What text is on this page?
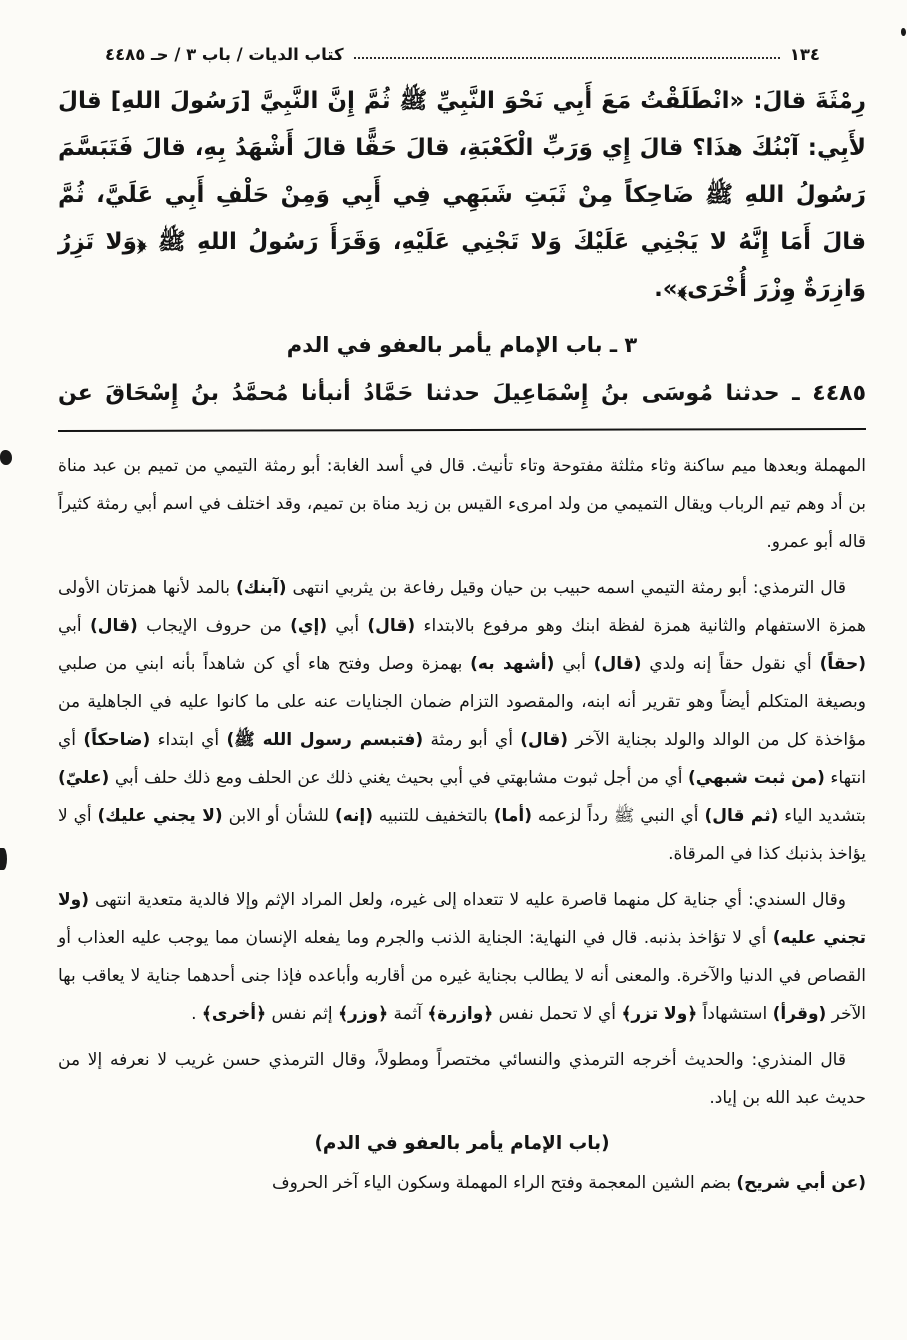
١٣٤
كتاب الديات / باب ٣ / حـ ٤٤٨٥

رِمْثَةَ قالَ: «انْطَلَقْتُ مَعَ أَبِي نَحْوَ النَّبِيِّ ﷺ ثُمَّ إِنَّ النَّبِيَّ [رَسُولَ اللهِ] قالَ لأَبِي: آبْنُكَ هذَا؟ قالَ إِي وَرَبِّ الْكَعْبَةِ، قالَ حَقًّا قالَ أَشْهَدُ بِهِ، قالَ فَتَبَسَّمَ رَسُولُ اللهِ ﷺ ضَاحِكاً مِنْ ثَبَتِ شَبَهِي فِي أَبِي وَمِنْ حَلْفِ أَبِي عَلَيَّ، ثُمَّ قالَ أَمَا إِنَّهُ لا يَجْنِي عَلَيْكَ وَلا تَجْنِي عَلَيْهِ، وَقَرَأَ رَسُولُ اللهِ ﷺ ﴿وَلا تَزِرُ وَازِرَةٌ وِزْرَ أُخْرَى﴾».

٣ ـ باب الإمام يأمر بالعفو في الدم

٤٤٨٥ ـ حدثنا مُوسَى بنُ إِسْمَاعِيلَ حدثنا حَمَّادُ أنبأنا مُحمَّدُ بنُ إِسْحَاقَ عن

المهملة وبعدها ميم ساكنة وثاء مثلثة مفتوحة وتاء تأنيث. قال في أسد الغابة: أبو رمثة التيمي من تميم بن عبد مناة بن أد وهم تيم الرباب ويقال التميمي من ولد امرىء القيس بن زيد مناة بن تميم، وقد اختلف في اسم أبي رمثة كثيراً قاله أبو عمرو.

قال الترمذي: أبو رمثة التيمي اسمه حبيب بن حيان وقيل رفاعة بن يثربي انتهى (آبنك) بالمد لأنها همزتان الأولى همزة الاستفهام والثانية همزة لفظة ابنك وهو مرفوع بالابتداء (قال) أبي (إي) من حروف الإيجاب (قال) أبي (حقاً) أي نقول حقاً إنه ولدي (قال) أبي (أشهد به) بهمزة وصل وفتح هاء أي كن شاهداً بأنه ابني من صلبي وبصيغة المتكلم أيضاً وهو تقرير أنه ابنه، والمقصود التزام ضمان الجنايات عنه على ما كانوا عليه في الجاهلية من مؤاخذة كل من الوالد والولد بجناية الآخر (قال) أي أبو رمثة (فتبسم رسول الله ﷺ) أي ابتداء (ضاحكاً) أي انتهاء (من ثبت شبهي) أي من أجل ثبوت مشابهتي في أبي بحيث يغني ذلك عن الحلف ومع ذلك حلف أبي (عليّ) بتشديد الياء (ثم قال) أي النبي ﷺ رداً لزعمه (أما) بالتخفيف للتنبيه (إنه) للشأن أو الابن (لا يجني عليك) أي لا يؤاخذ بذنبك كذا في المرقاة.

وقال السندي: أي جناية كل منهما قاصرة عليه لا تتعداه إلى غيره، ولعل المراد الإثم وإلا فالدية متعدية انتهى (ولا تجني عليه) أي لا تؤاخذ بذنبه. قال في النهاية: الجناية الذنب والجرم وما يفعله الإنسان مما يوجب عليه العذاب أو القصاص في الدنيا والآخرة. والمعنى أنه لا يطالب بجناية غيره من أقاربه وأباعده فإذا جنى أحدهما جناية لا يعاقب بها الآخر (وقرأ) استشهاداً ﴿ولا تزر﴾ أي لا تحمل نفس ﴿وازرة﴾ آثمة ﴿وزر﴾ إثم نفس ﴿أخرى﴾ .

قال المنذري: والحديث أخرجه الترمذي والنسائي مختصراً ومطولاً، وقال الترمذي حسن غريب لا نعرفه إلا من حديث عبد الله بن إياد.

(باب الإمام يأمر بالعفو في الدم)

(عن أبي شريح) بضم الشين المعجمة وفتح الراء المهملة وسكون الياء آخر الحروف
